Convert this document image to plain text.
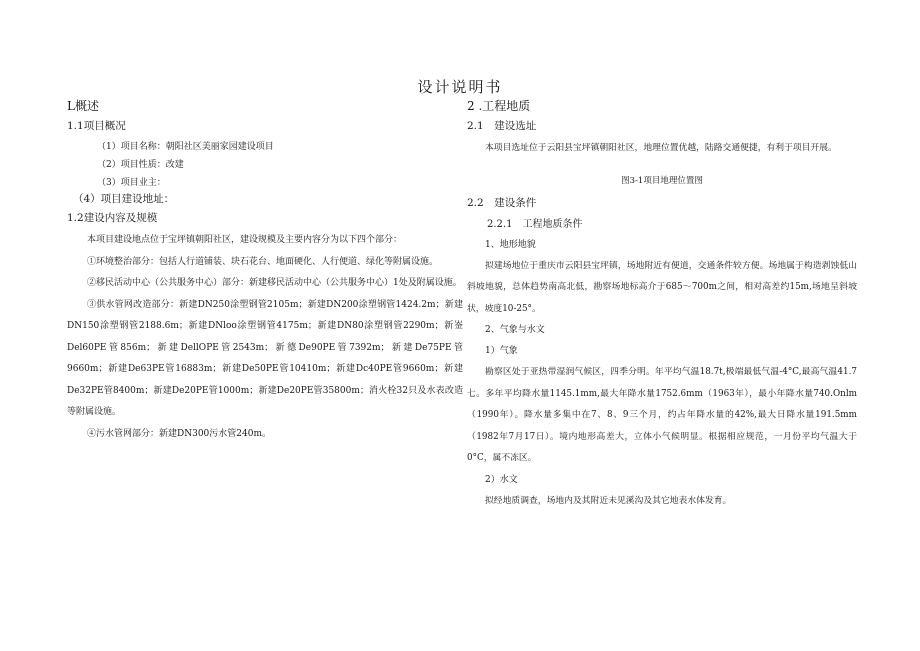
设计说明书
L概述
1.1项目概况
（1）项目名称：朝阳社区美丽家园建设项目
（2）项目性质：改建
（3）项目业主：
（4）项目建设地址：
1.2建设内容及规模

本项目建设地点位于宝坪镇朝阳社区，建设规模及主要内容分为以下四个部分：

①环境整治部分：包括人行道铺装、块石花台、地面硬化、人行便道、绿化等附属设施。

②移民活动中心（公共服务中心）部分：新建移民活动中心（公共服务中心）1处及附属设施。

③供水管网改造部分：新建DN250涂塑钢管2105m；新建DN200涂塑钢管1424.2m；新建DN150涂塑钢管2188.6m；新建DNloo涂塑钢管4175m；新建DN80涂塑钢管2290m；新崟Del60PE管856m；新建DellOPE管2543m；新德De90PE管7392m；新建De75PE管9660m；新建De63PE管16883m；新建De50PE管10410m；新建Dc40PE管9660m；新建De32PE管8400m；新建De20PE管1000m；新建De20PE管35800m；消火栓32只及水表改造等附属设施。

④污水管网部分：新建DN300污水管240m。

2 .工程地质
2.1　建设选址

本项目选址位于云阳县宝坪镇朝阳社区，地理位置优越，陆路交通便捷，有利于项目开展。

图3-1项目地理位置图
2.2　建设条件
2.2.1　工程地质条件
1、地形地貌

拟建场地位于重庆市云阳县宝坪镇，场地附近有便道，交通条件较方便。场地属于构造剥蚀低山斜坡地貌，总体趋势南高北低，勘察场地标高介于685～700m之间，相对高差约15m,场地呈斜坡状，坡度10-25°。

2、气象与水文
1）气象

勘察区处于亚热带湿润气候区，四季分明。年平均气温18.7t,极端最低气温-4°C,最高气温41.7七。多年平均降水量1145.1mm,最大年降水量1752.6mm（1963年），最小年降水量740.Onlm（1990年）。降水量多集中在7、8、9三个月，约占年降水量的42%,最大日降水量191.5mm（1982年7月17日）。境内地形高差大，立体小气候明显。根据相应规范，一月份平均气温大于0°C，属不冻区。

2）水文

拟经地质调查，场地内及其附近未见溪沟及其它地表水体发育。
